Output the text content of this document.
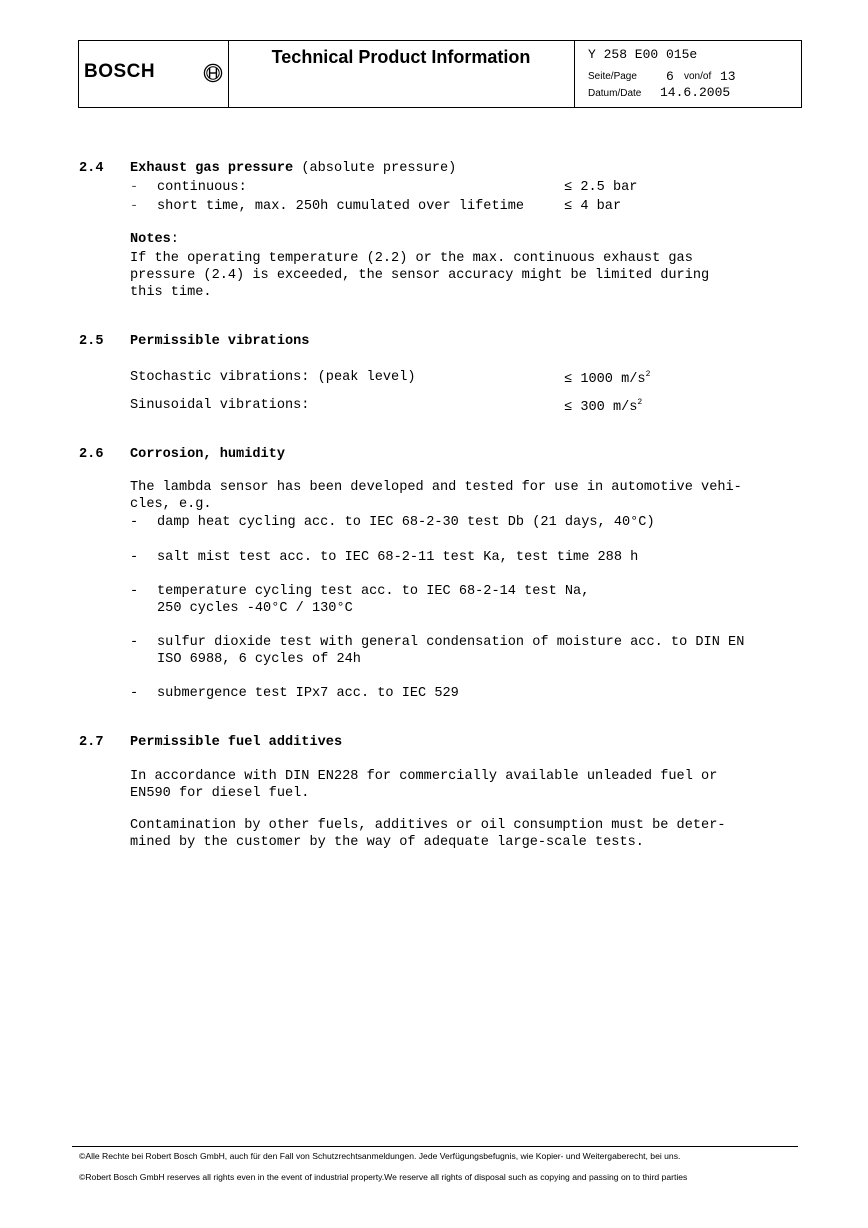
BOSCH
Technical Product Information	Y 258 E00 015e
Seite/Page 6 von/of 13
Datum/Date 14.6.2005
2.4 Exhaust gas pressure (absolute pressure)
- continuous:	≤ 2.5 bar
- short time, max. 250h cumulated over lifetime	≤ 4 bar
Notes:
If the operating temperature (2.2) or the max. continuous exhaust gas
pressure (2.4) is exceeded, the sensor accuracy might be limited during
this time.
2.5 Permissible vibrations
Stochastic vibrations: (peak level)	≤ 1000 $m/s^2$
Sinusoidal vibrations:	≤ 300 $m/s^2$
2.6 Corrosion, humidity
The lambda sensor has been developed and tested for use in automotive vehi-
cles, e.g.
- damp heat cycling acc. to IEC 68-2-30 test Db (21 days, 40°C)
- salt mist test acc. to IEC 68-2-11 test Ka, test time 288 h
- temperature cycling test acc. to IEC 68-2-14 test Na,
250 cycles -40°C / 130°C
- sulfur dioxide test with general condensation of moisture acc. to DIN EN
ISO 6988, 6 cycles of 24h
- submergence test IPx7 acc. to IEC 529
2.7 Permissible fuel additives
In accordance with DIN EN228 for commercially available unleaded fuel or
EN590 for diesel fuel.
Contamination by other fuels, additives or oil consumption must be deter-
mined by the customer by the way of adequate large-scale tests.
©Alle Rechte bei Robert Bosch GmbH, auch für den Fall von Schutzrechtsanmeldungen. Jede Verfügungsbefugnis, wie Kopier- und Weitergaberecht, bei uns.
©Robert Bosch GmbH reserves all rights even in the event of industrial property.We reserve all rights of disposal such as copying and passing on to third parties
